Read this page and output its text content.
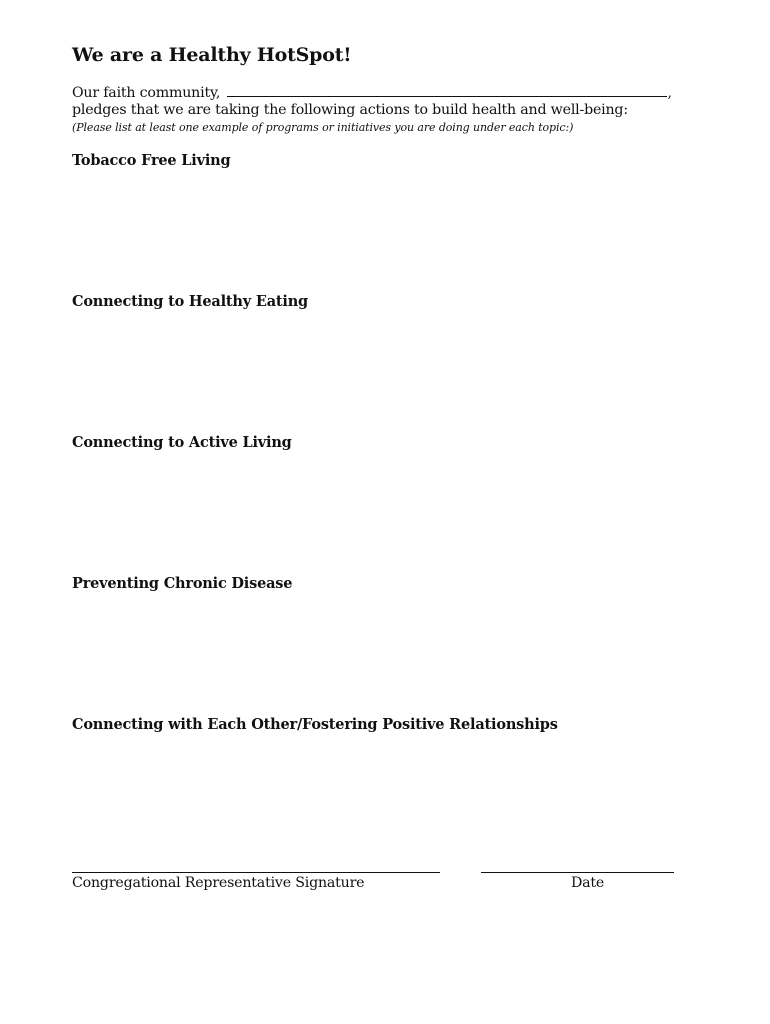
We are a Healthy HotSpot!
Our faith community,	,
pledges that we are taking the following actions to build health and well-being:
(Please list at least one example of programs or initiatives you are doing under each topic:)
Tobacco Free Living
Connecting to Healthy Eating
Connecting to Active Living
Preventing Chronic Disease
Connecting with Each Other/Fostering Positive Relationships
Congregational Representative Signature	Date
